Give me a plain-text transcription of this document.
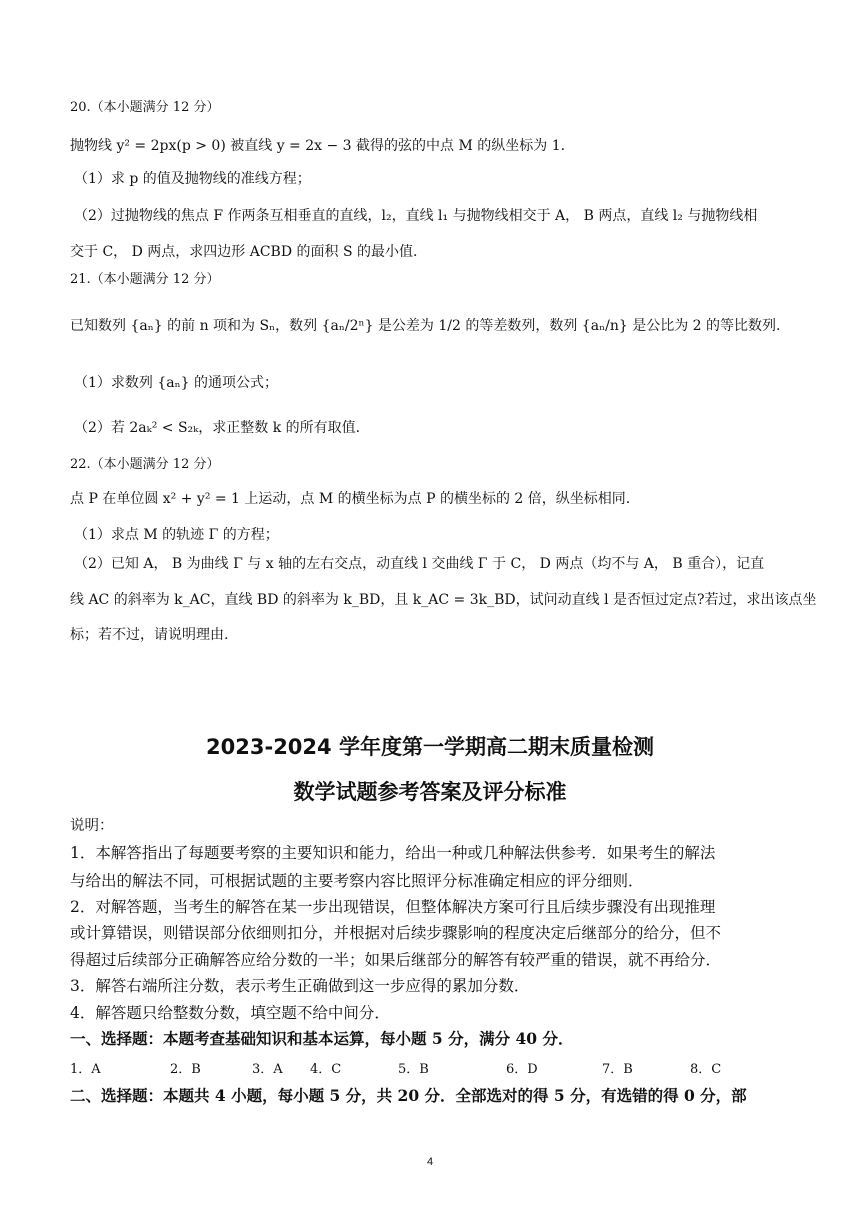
20.（本小题满分 12 分）
抛物线 y² = 2px(p > 0) 被直线 y = 2x − 3 截得的弦的中点 M 的纵坐标为 1.
（1）求 p 的值及抛物线的准线方程；
（2）过抛物线的焦点 F 作两条互相垂直的直线，l₂，直线 l₁ 与抛物线相交于 A， B 两点，直线 l₂ 与抛物线相
交于 C， D 两点，求四边形 ACBD 的面积 S 的最小值.
21.（本小题满分 12 分）
已知数列 {aₙ} 的前 n 项和为 Sₙ，数列 {aₙ/2ⁿ} 是公差为 1/2 的等差数列，数列 {aₙ/n} 是公比为 2 的等比数列.
（1）求数列 {aₙ} 的通项公式；
（2）若 2aₖ² < S₂ₖ，求正整数 k 的所有取值.
22.（本小题满分 12 分）
点 P 在单位圆 x² + y² = 1 上运动，点 M 的横坐标为点 P 的横坐标的 2 倍，纵坐标相同.
（1）求点 M 的轨迹 Γ 的方程；
（2）已知 A， B 为曲线 Γ 与 x 轴的左右交点，动直线 l 交曲线 Γ 于 C， D 两点（均不与 A， B 重合），记直
线 AC 的斜率为 k_AC，直线 BD 的斜率为 k_BD，且 k_AC = 3k_BD，试问动直线 l 是否恒过定点?若过，求出该点坐
标；若不过，请说明理由.
2023-2024 学年度第一学期高二期末质量检测
数学试题参考答案及评分标准
说明：
1．本解答指出了每题要考察的主要知识和能力，给出一种或几种解法供参考．如果考生的解法
与给出的解法不同，可根据试题的主要考察内容比照评分标准确定相应的评分细则．
2．对解答题，当考生的解答在某一步出现错误，但整体解决方案可行且后续步骤没有出现推理
或计算错误，则错误部分依细则扣分，并根据对后续步骤影响的程度决定后继部分的给分，但不
得超过后续部分正确解答应给分数的一半；如果后继部分的解答有较严重的错误，就不再给分．
3．解答右端所注分数，表示考生正确做到这一步应得的累加分数．
4．解答题只给整数分数，填空题不给中间分．
一、选择题：本题考查基础知识和基本运算，每小题 5 分，满分 40 分．
1．A	2．B	3．A 4．C	5．B	6．D	7．B	8．C
二、选择题：本题共 4 小题，每小题 5 分，共 20 分．全部选对的得 5 分，有选错的得 0 分，部
4
